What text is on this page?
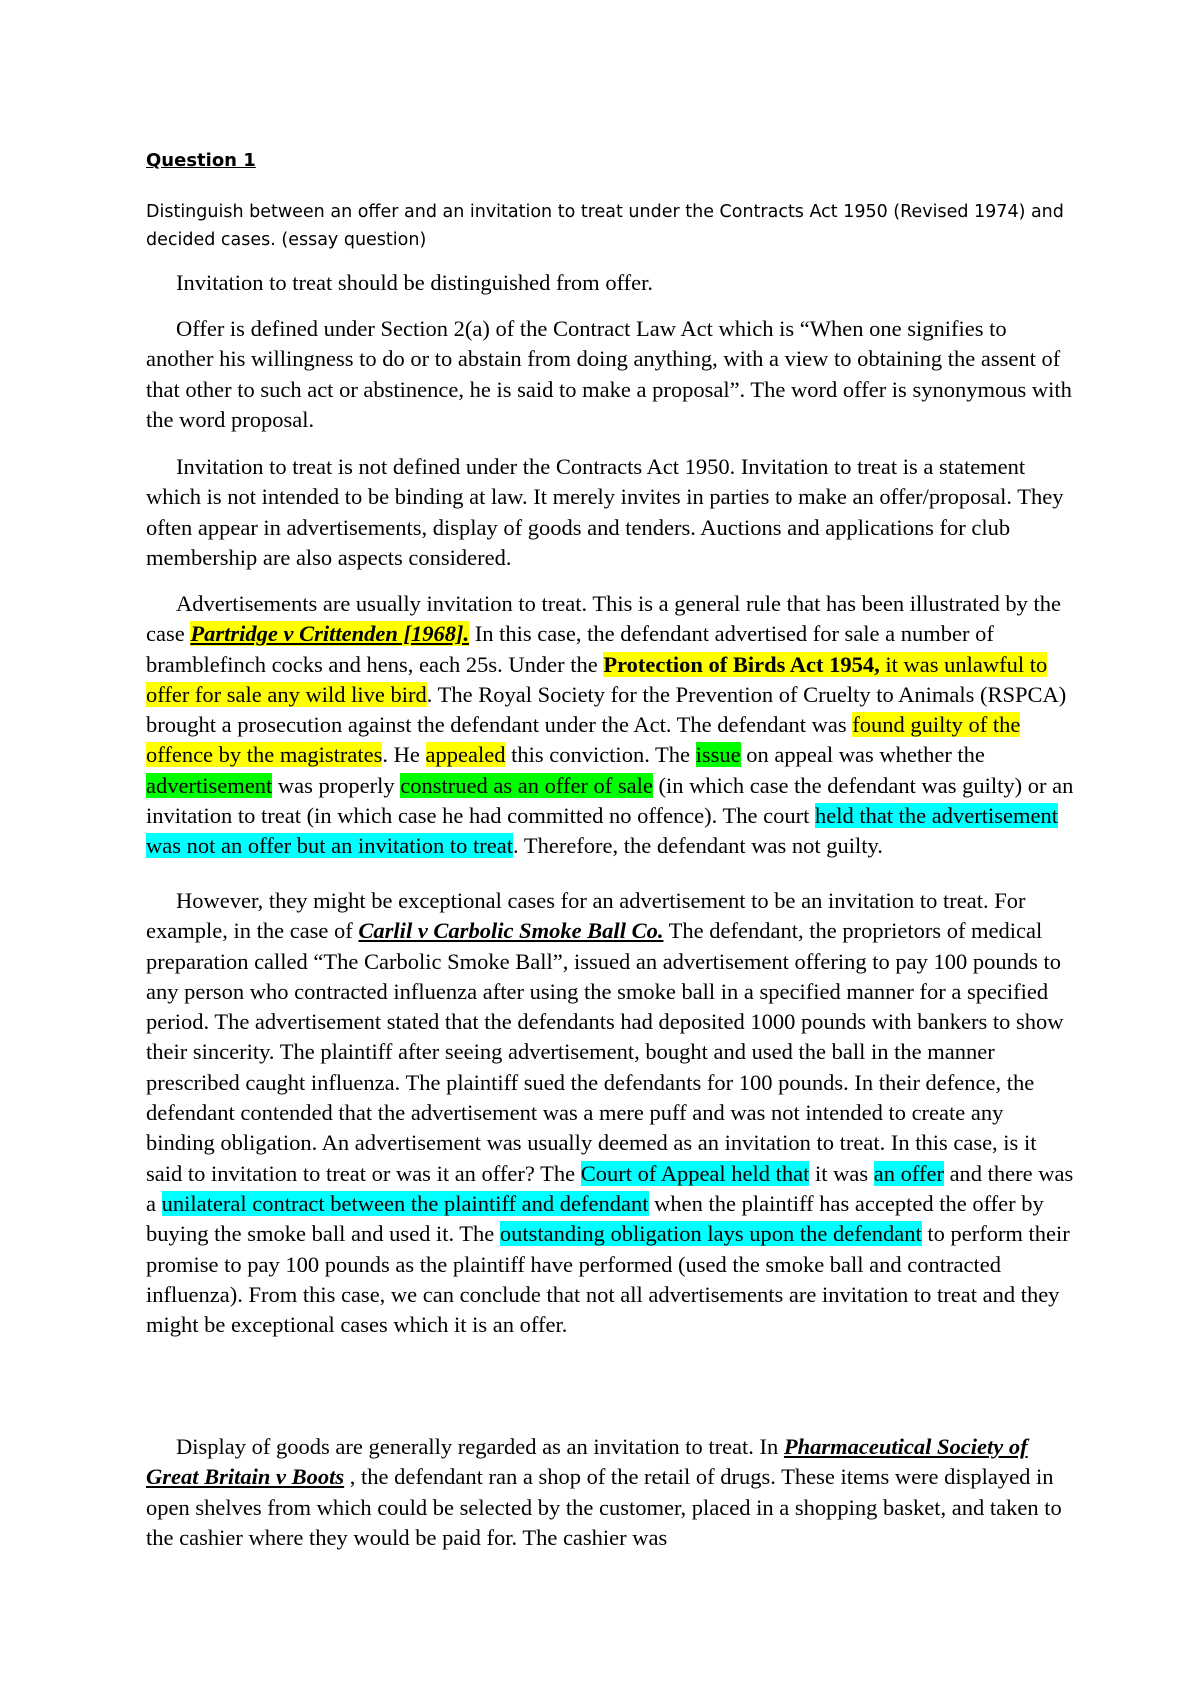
Question 1
Distinguish between an offer and an invitation to treat under the Contracts Act 1950 (Revised 1974) and decided cases. (essay question)

Invitation to treat should be distinguished from offer.

Offer is defined under Section 2(a) of the Contract Law Act which is “When one signifies to another his willingness to do or to abstain from doing anything, with a view to obtaining the assent of that other to such act or abstinence, he is said to make a proposal”. The word offer is synonymous with the word proposal.

Invitation to treat is not defined under the Contracts Act 1950. Invitation to treat is a statement which is not intended to be binding at law. It merely invites in parties to make an offer/proposal. They often appear in advertisements, display of goods and tenders. Auctions and applications for club membership are also aspects considered.

Advertisements are usually invitation to treat. This is a general rule that has been illustrated by the case Partridge v Crittenden [1968]. In this case, the defendant advertised for sale a number of bramblefinch cocks and hens, each 25s. Under the Protection of Birds Act 1954, it was unlawful to offer for sale any wild live bird. The Royal Society for the Prevention of Cruelty to Animals (RSPCA) brought a prosecution against the defendant under the Act. The defendant was found guilty of the offence by the magistrates. He appealed this conviction. The issue on appeal was whether the advertisement was properly construed as an offer of sale (in which case the defendant was guilty) or an invitation to treat (in which case he had committed no offence). The court held that the advertisement was not an offer but an invitation to treat. Therefore, the defendant was not guilty.

However, they might be exceptional cases for an advertisement to be an invitation to treat. For example, in the case of Carlil v Carbolic Smoke Ball Co. The defendant, the proprietors of medical preparation called “The Carbolic Smoke Ball”, issued an advertisement offering to pay 100 pounds to any person who contracted influenza after using the smoke ball in a specified manner for a specified period. The advertisement stated that the defendants had deposited 1000 pounds with bankers to show their sincerity. The plaintiff after seeing advertisement, bought and used the ball in the manner prescribed caught influenza. The plaintiff sued the defendants for 100 pounds. In their defence, the defendant contended that the advertisement was a mere puff and was not intended to create any binding obligation. An advertisement was usually deemed as an invitation to treat. In this case, is it said to invitation to treat or was it an offer? The Court of Appeal held that it was an offer and there was a unilateral contract between the plaintiff and defendant when the plaintiff has accepted the offer by buying the smoke ball and used it. The outstanding obligation lays upon the defendant to perform their promise to pay 100 pounds as the plaintiff have performed (used the smoke ball and contracted influenza). From this case, we can conclude that not all advertisements are invitation to treat and they might be exceptional cases which it is an offer.

Display of goods are generally regarded as an invitation to treat. In Pharmaceutical Society of Great Britain v Boots , the defendant ran a shop of the retail of drugs. These items were displayed in open shelves from which could be selected by the customer, placed in a shopping basket, and taken to the cashier where they would be paid for. The cashier was
